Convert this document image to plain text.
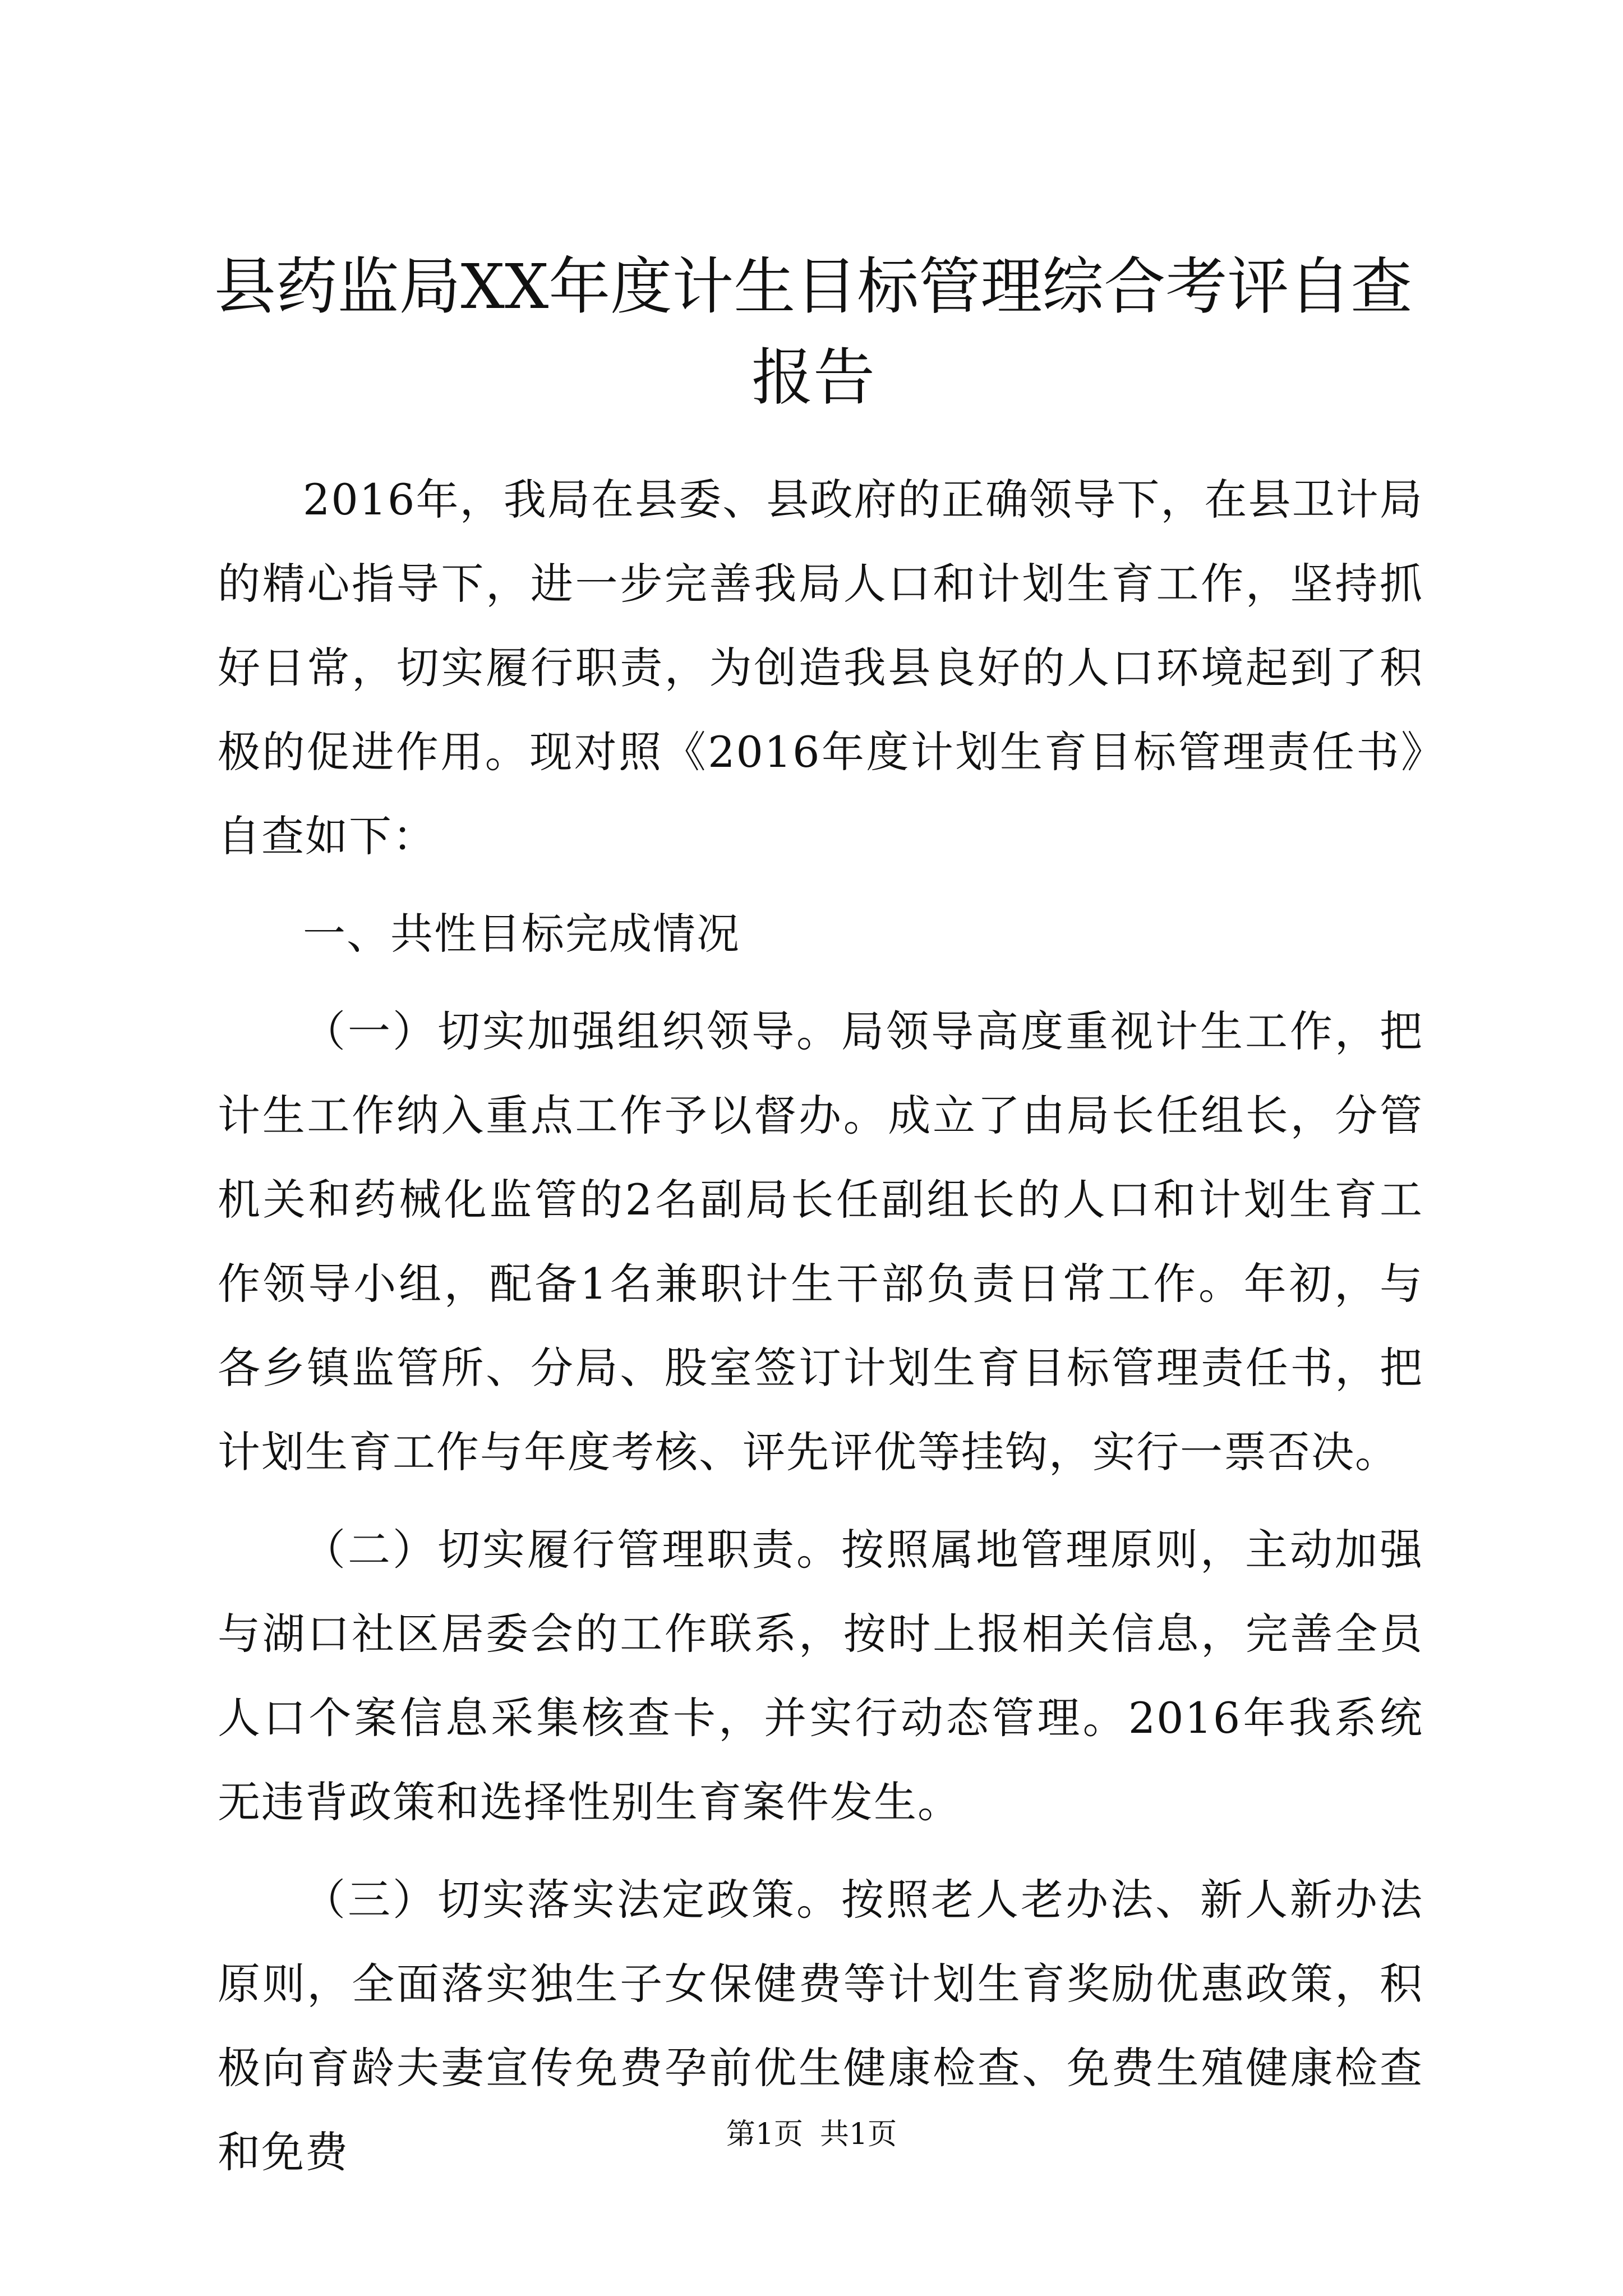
县药监局XX年度计生目标管理综合考评自查报告

2016年，我局在县委、县政府的正确领导下，在县卫计局的精心指导下，进一步完善我局人口和计划生育工作，坚持抓好日常，切实履行职责，为创造我县良好的人口环境起到了积极的促进作用。现对照《2016年度计划生育目标管理责任书》自查如下：

一、共性目标完成情况

（一）切实加强组织领导。局领导高度重视计生工作，把计生工作纳入重点工作予以督办。成立了由局长任组长，分管机关和药械化监管的2名副局长任副组长的人口和计划生育工作领导小组，配备1名兼职计生干部负责日常工作。年初，与各乡镇监管所、分局、股室签订计划生育目标管理责任书，把计划生育工作与年度考核、评先评优等挂钩，实行一票否决。

（二）切实履行管理职责。按照属地管理原则，主动加强与湖口社区居委会的工作联系，按时上报相关信息，完善全员人口个案信息采集核查卡，并实行动态管理。2016年我系统无违背政策和选择性别生育案件发生。

（三）切实落实法定政策。按照老人老办法、新人新办法原则，全面落实独生子女保健费等计划生育奖励优惠政策，积极向育龄夫妻宣传免费孕前优生健康检查、免费生殖健康检查和免费	第1页 共1页
